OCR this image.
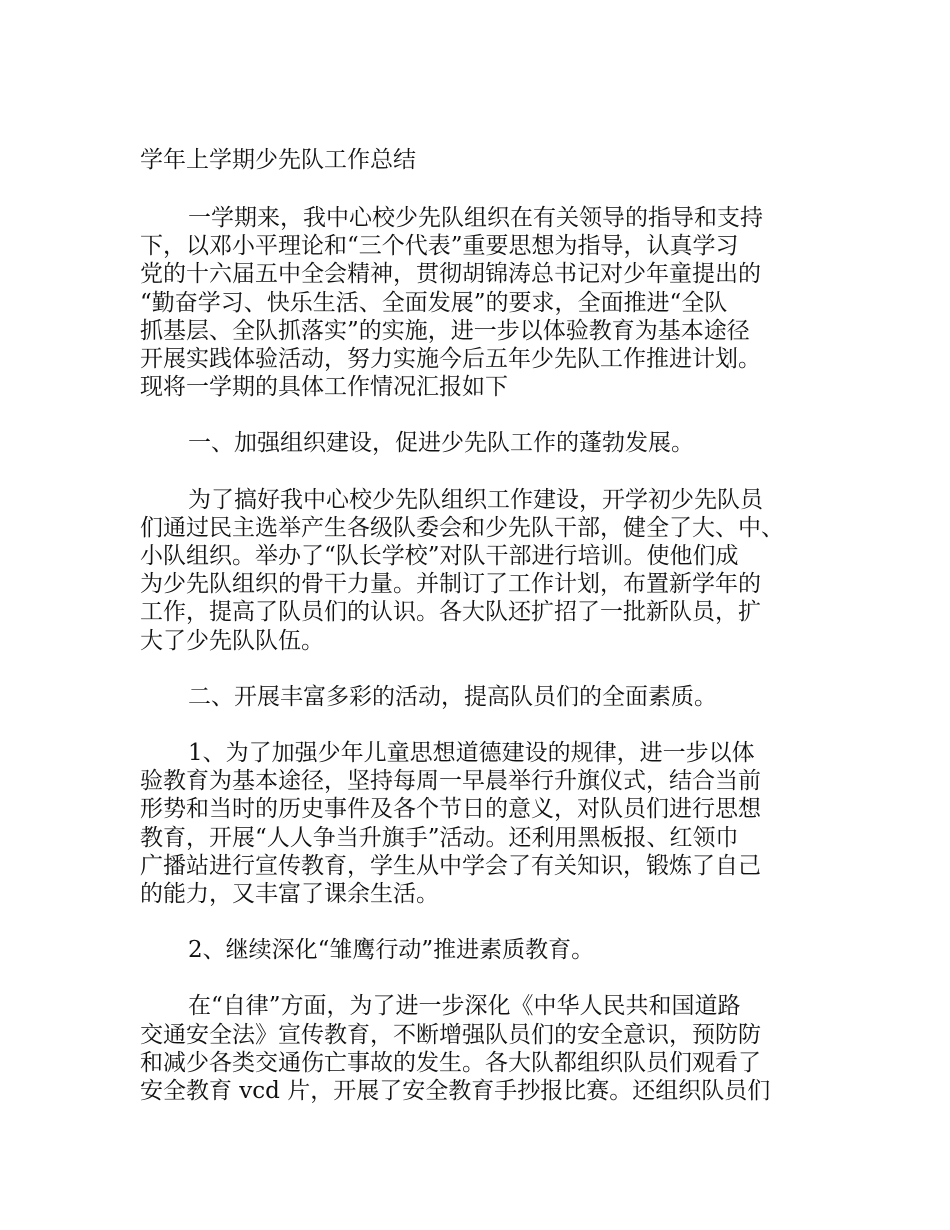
学年上学期少先队工作总结
一学期来，我中心校少先队组织在有关领导的指导和支持
下，以邓小平理论和“三个代表”重要思想为指导，认真学习
党的十六届五中全会精神，贯彻胡锦涛总书记对少年童提出的
“勤奋学习、快乐生活、全面发展”的要求，全面推进“全队
抓基层、全队抓落实”的实施，进一步以体验教育为基本途径
开展实践体验活动，努力实施今后五年少先队工作推进计划。
现将一学期的具体工作情况汇报如下
一、加强组织建设，促进少先队工作的蓬勃发展。
为了搞好我中心校少先队组织工作建设，开学初少先队员
们通过民主选举产生各级队委会和少先队干部，健全了大、中、
小队组织。举办了“队长学校”对队干部进行培训。使他们成
为少先队组织的骨干力量。并制订了工作计划，布置新学年的
工作，提高了队员们的认识。各大队还扩招了一批新队员，扩
大了少先队队伍。
二、开展丰富多彩的活动，提高队员们的全面素质。
1、为了加强少年儿童思想道德建设的规律，进一步以体
验教育为基本途径，坚持每周一早晨举行升旗仪式，结合当前
形势和当时的历史事件及各个节日的意义，对队员们进行思想
教育，开展“人人争当升旗手”活动。还利用黑板报、红领巾
广播站进行宣传教育，学生从中学会了有关知识，锻炼了自己
的能力，又丰富了课余生活。
2、继续深化“雏鹰行动”推进素质教育。
在“自律”方面，为了进一步深化《中华人民共和国道路
交通安全法》宣传教育，不断增强队员们的安全意识，预防防
和减少各类交通伤亡事故的发生。各大队都组织队员们观看了
安全教育 vcd 片，开展了安全教育手抄报比赛。还组织队员们
